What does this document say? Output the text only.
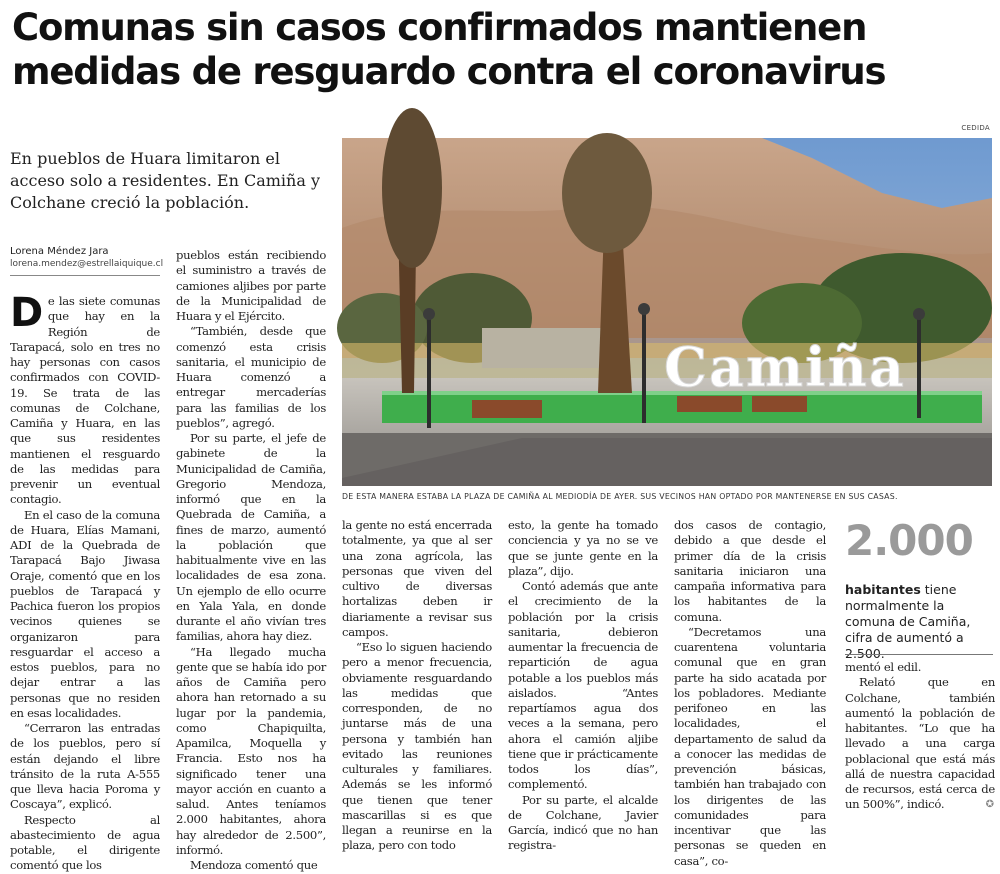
Comunas sin casos confirmados mantienen medidas de resguardo contra el coronavirus
CEDIDA
En pueblos de Huara limitaron el acceso solo a residentes. En Camiña y Colchane creció la población.
Lorena Méndez Jara
lorena.mendez@estrellaiquique.cl

De las siete comunas que hay en la Región de Tarapacá, solo en tres no hay personas con casos confirmados con COVID-19. Se trata de las comunas de Colchane, Camiña y Huara, en las que sus residentes mantienen el resguardo de las medidas para prevenir un eventual contagio.

En el caso de la comuna de Huara, Elías Mamani, ADI de la Quebrada de Tarapacá Bajo Jiwasa Oraje, comentó que en los pueblos de Tarapacá y Pachica fueron los propios vecinos quienes se organizaron para resguardar el acceso a estos pueblos, para no dejar entrar a las personas que no residen en esas localidades.

“Cerraron las entradas de los pueblos, pero sí están dejando el libre tránsito de la ruta A-555 que lleva hacia Poroma y Coscaya”, explicó.

Respecto al abastecimiento de agua potable, el dirigente comentó que los

pueblos están recibiendo el suministro a través de camiones aljibes por parte de la Municipalidad de Huara y el Ejército.

“También, desde que comenzó esta crisis sanitaria, el municipio de Huara comenzó a entregar mercaderías para las familias de los pueblos”, agregó.

Por su parte, el jefe de gabinete de la Municipalidad de Camiña, Gregorio Mendoza, informó que en la Quebrada de Camiña, a fines de marzo, aumentó la población que habitualmente vive en las localidades de esa zona. Un ejemplo de ello ocurre en Yala Yala, en donde durante el año vivían tres familias, ahora hay diez.

“Ha llegado mucha gente que se había ido por años de Camiña pero ahora han retornado a su lugar por la pandemia, como Chapiquilta, Apamilca, Moquella y Francia. Esto nos ha significado tener una mayor acción en cuanto a salud. Antes teníamos 2.000 habitantes, ahora hay alrededor de 2.500”, informó.

Mendoza comentó que

Camiña
DE ESTA MANERA ESTABA LA PLAZA DE CAMIÑA AL MEDIODÍA DE AYER. SUS VECINOS HAN OPTADO POR MANTENERSE EN SUS CASAS.

la gente no está encerrada totalmente, ya que al ser una zona agrícola, las personas que viven del cultivo de diversas hortalizas deben ir diariamente a revisar sus campos.

“Eso lo siguen haciendo pero a menor frecuencia, obviamente resguardando las medidas que corresponden, de no juntarse más de una persona y también han evitado las reuniones culturales y familiares. Además se les informó que tienen que tener mascarillas si es que llegan a reunirse en la plaza, pero con todo

esto, la gente ha tomado conciencia y ya no se ve que se junte gente en la plaza”, dijo.

Contó además que ante el crecimiento de la población por la crisis sanitaria, debieron aumentar la frecuencia de repartición de agua potable a los pueblos más aislados. “Antes repartíamos agua dos veces a la semana, pero ahora el camión aljibe tiene que ir prácticamente todos los días”, complementó.

Por su parte, el alcalde de Colchane, Javier García, indicó que no han registra-

dos casos de contagio, debido a que desde el primer día de la crisis sanitaria iniciaron una campaña informativa para los habitantes de la comuna.

“Decretamos una cuarentena voluntaria comunal que en gran parte ha sido acatada por los pobladores. Mediante perifoneo en las localidades, el departamento de salud da a conocer las medidas de prevención básicas, también han trabajado con los dirigentes de las comunidades para incentivar que las personas se queden en casa”, co-

2.000
habitantes tiene normalmente la comuna de Camiña, cifra de aumentó a 2.500.

mentó el edil.

Relató que en Colchane, también aumentó la población de habitantes. “Lo que ha llevado a una carga poblacional que está más allá de nuestra capacidad de recursos, está cerca de un 500%”, indicó.	✪
